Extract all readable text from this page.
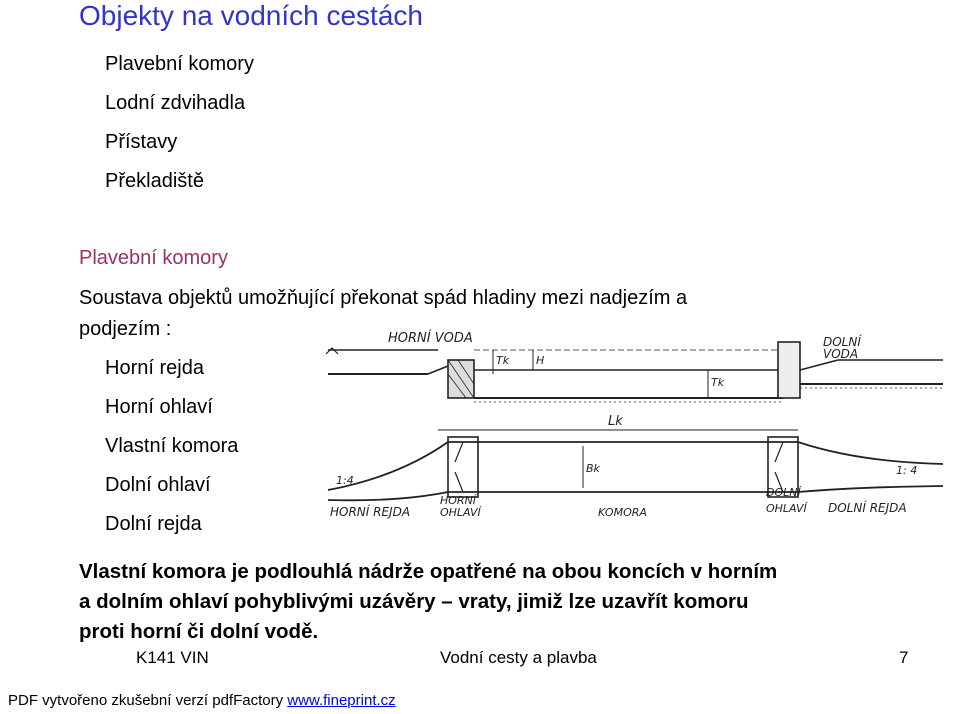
Objekty na vodních cestách
Plavební komory
Lodní zdvihadla
Přístavy
Překladiště
Plavební komory
Soustava objektů umožňující překonat spád hladiny mezi nadjezím a
podjezím :
Horní rejda
Horní ohlaví
Vlastní komora
Dolní ohlaví
Dolní rejda
HORNÍ VODA
Tk H
Tk
DOLNÍ
VODA
Lk
Bk
1:4
1: 4
HORNÍ
OHLAVÍ
HORNÍ REJDA	KOMORA
DOLNÍ
OHLAVÍ DOLNÍ REJDA
Vlastní komora je podlouhlá nádrže opatřené na obou koncích v horním
a dolním ohlaví pohyblivými uzávěry – vraty, jimiž lze uzavřít komoru
proti horní či dolní vodě.
K141 VIN	Vodní cesty a plavba	7
PDF vytvořeno zkušební verzí pdfFactory www.fineprint.cz
